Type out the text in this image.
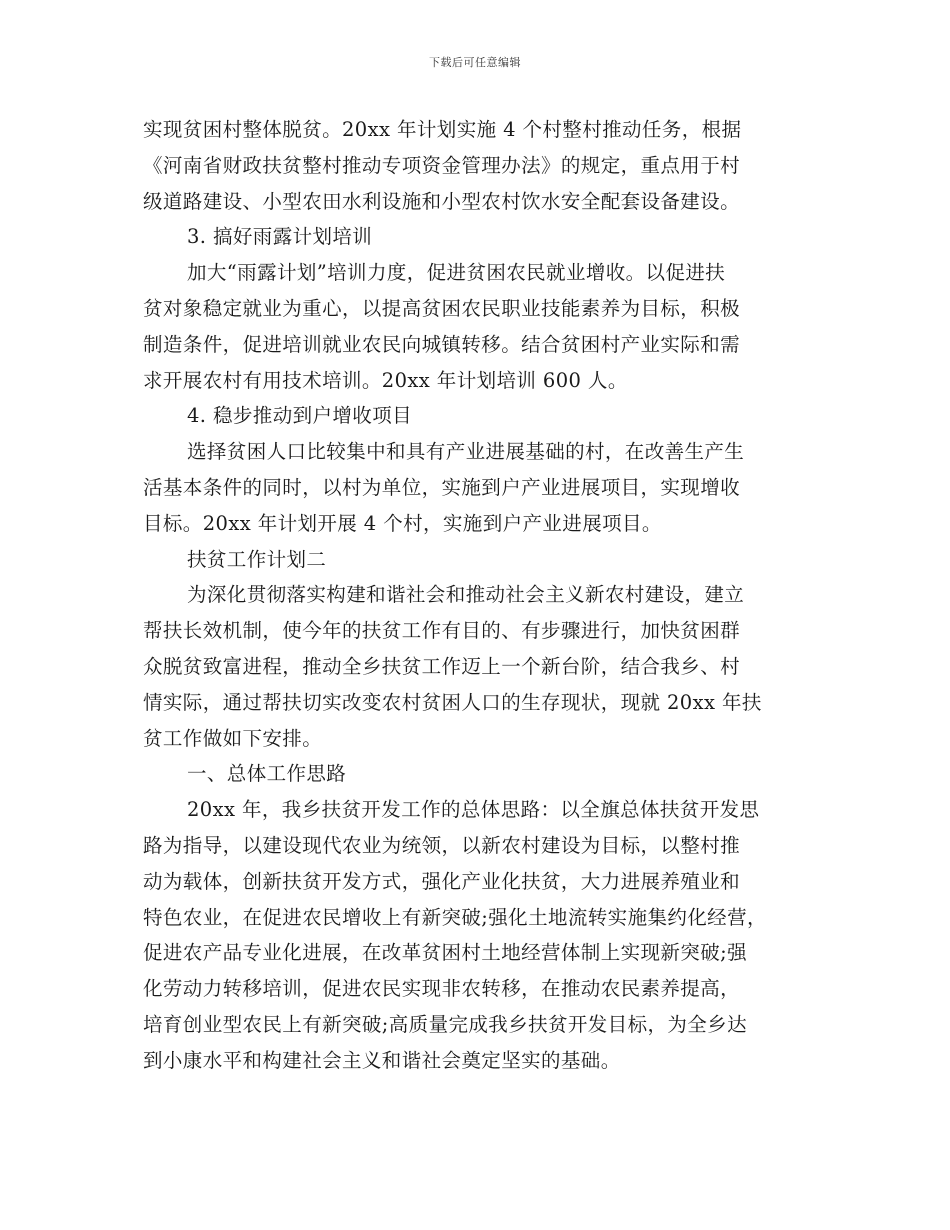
下载后可任意编辑
实现贫困村整体脱贫。20xx 年计划实施 4 个村整村推动任务，根据
《河南省财政扶贫整村推动专项资金管理办法》的规定，重点用于村
级道路建设、小型农田水利设施和小型农村饮水安全配套设备建设。
3. 搞好雨露计划培训
加大“雨露计划”培训力度，促进贫困农民就业增收。以促进扶
贫对象稳定就业为重心，以提高贫困农民职业技能素养为目标，积极
制造条件，促进培训就业农民向城镇转移。结合贫困村产业实际和需
求开展农村有用技术培训。20xx 年计划培训 600 人。
4. 稳步推动到户增收项目
选择贫困人口比较集中和具有产业进展基础的村，在改善生产生
活基本条件的同时，以村为单位，实施到户产业进展项目，实现增收
目标。20xx 年计划开展 4 个村，实施到户产业进展项目。
扶贫工作计划二
为深化贯彻落实构建和谐社会和推动社会主义新农村建设，建立
帮扶长效机制，使今年的扶贫工作有目的、有步骤进行，加快贫困群
众脱贫致富进程，推动全乡扶贫工作迈上一个新台阶，结合我乡、村
情实际，通过帮扶切实改变农村贫困人口的生存现状，现就 20xx 年扶
贫工作做如下安排。
一、总体工作思路
20xx 年，我乡扶贫开发工作的总体思路：以全旗总体扶贫开发思
路为指导，以建设现代农业为统领，以新农村建设为目标，以整村推
动为载体，创新扶贫开发方式，强化产业化扶贫，大力进展养殖业和
特色农业，在促进农民增收上有新突破;强化土地流转实施集约化经营，
促进农产品专业化进展，在改革贫困村土地经营体制上实现新突破;强
化劳动力转移培训，促进农民实现非农转移，在推动农民素养提高，
培育创业型农民上有新突破;高质量完成我乡扶贫开发目标，为全乡达
到小康水平和构建社会主义和谐社会奠定坚实的基础。
